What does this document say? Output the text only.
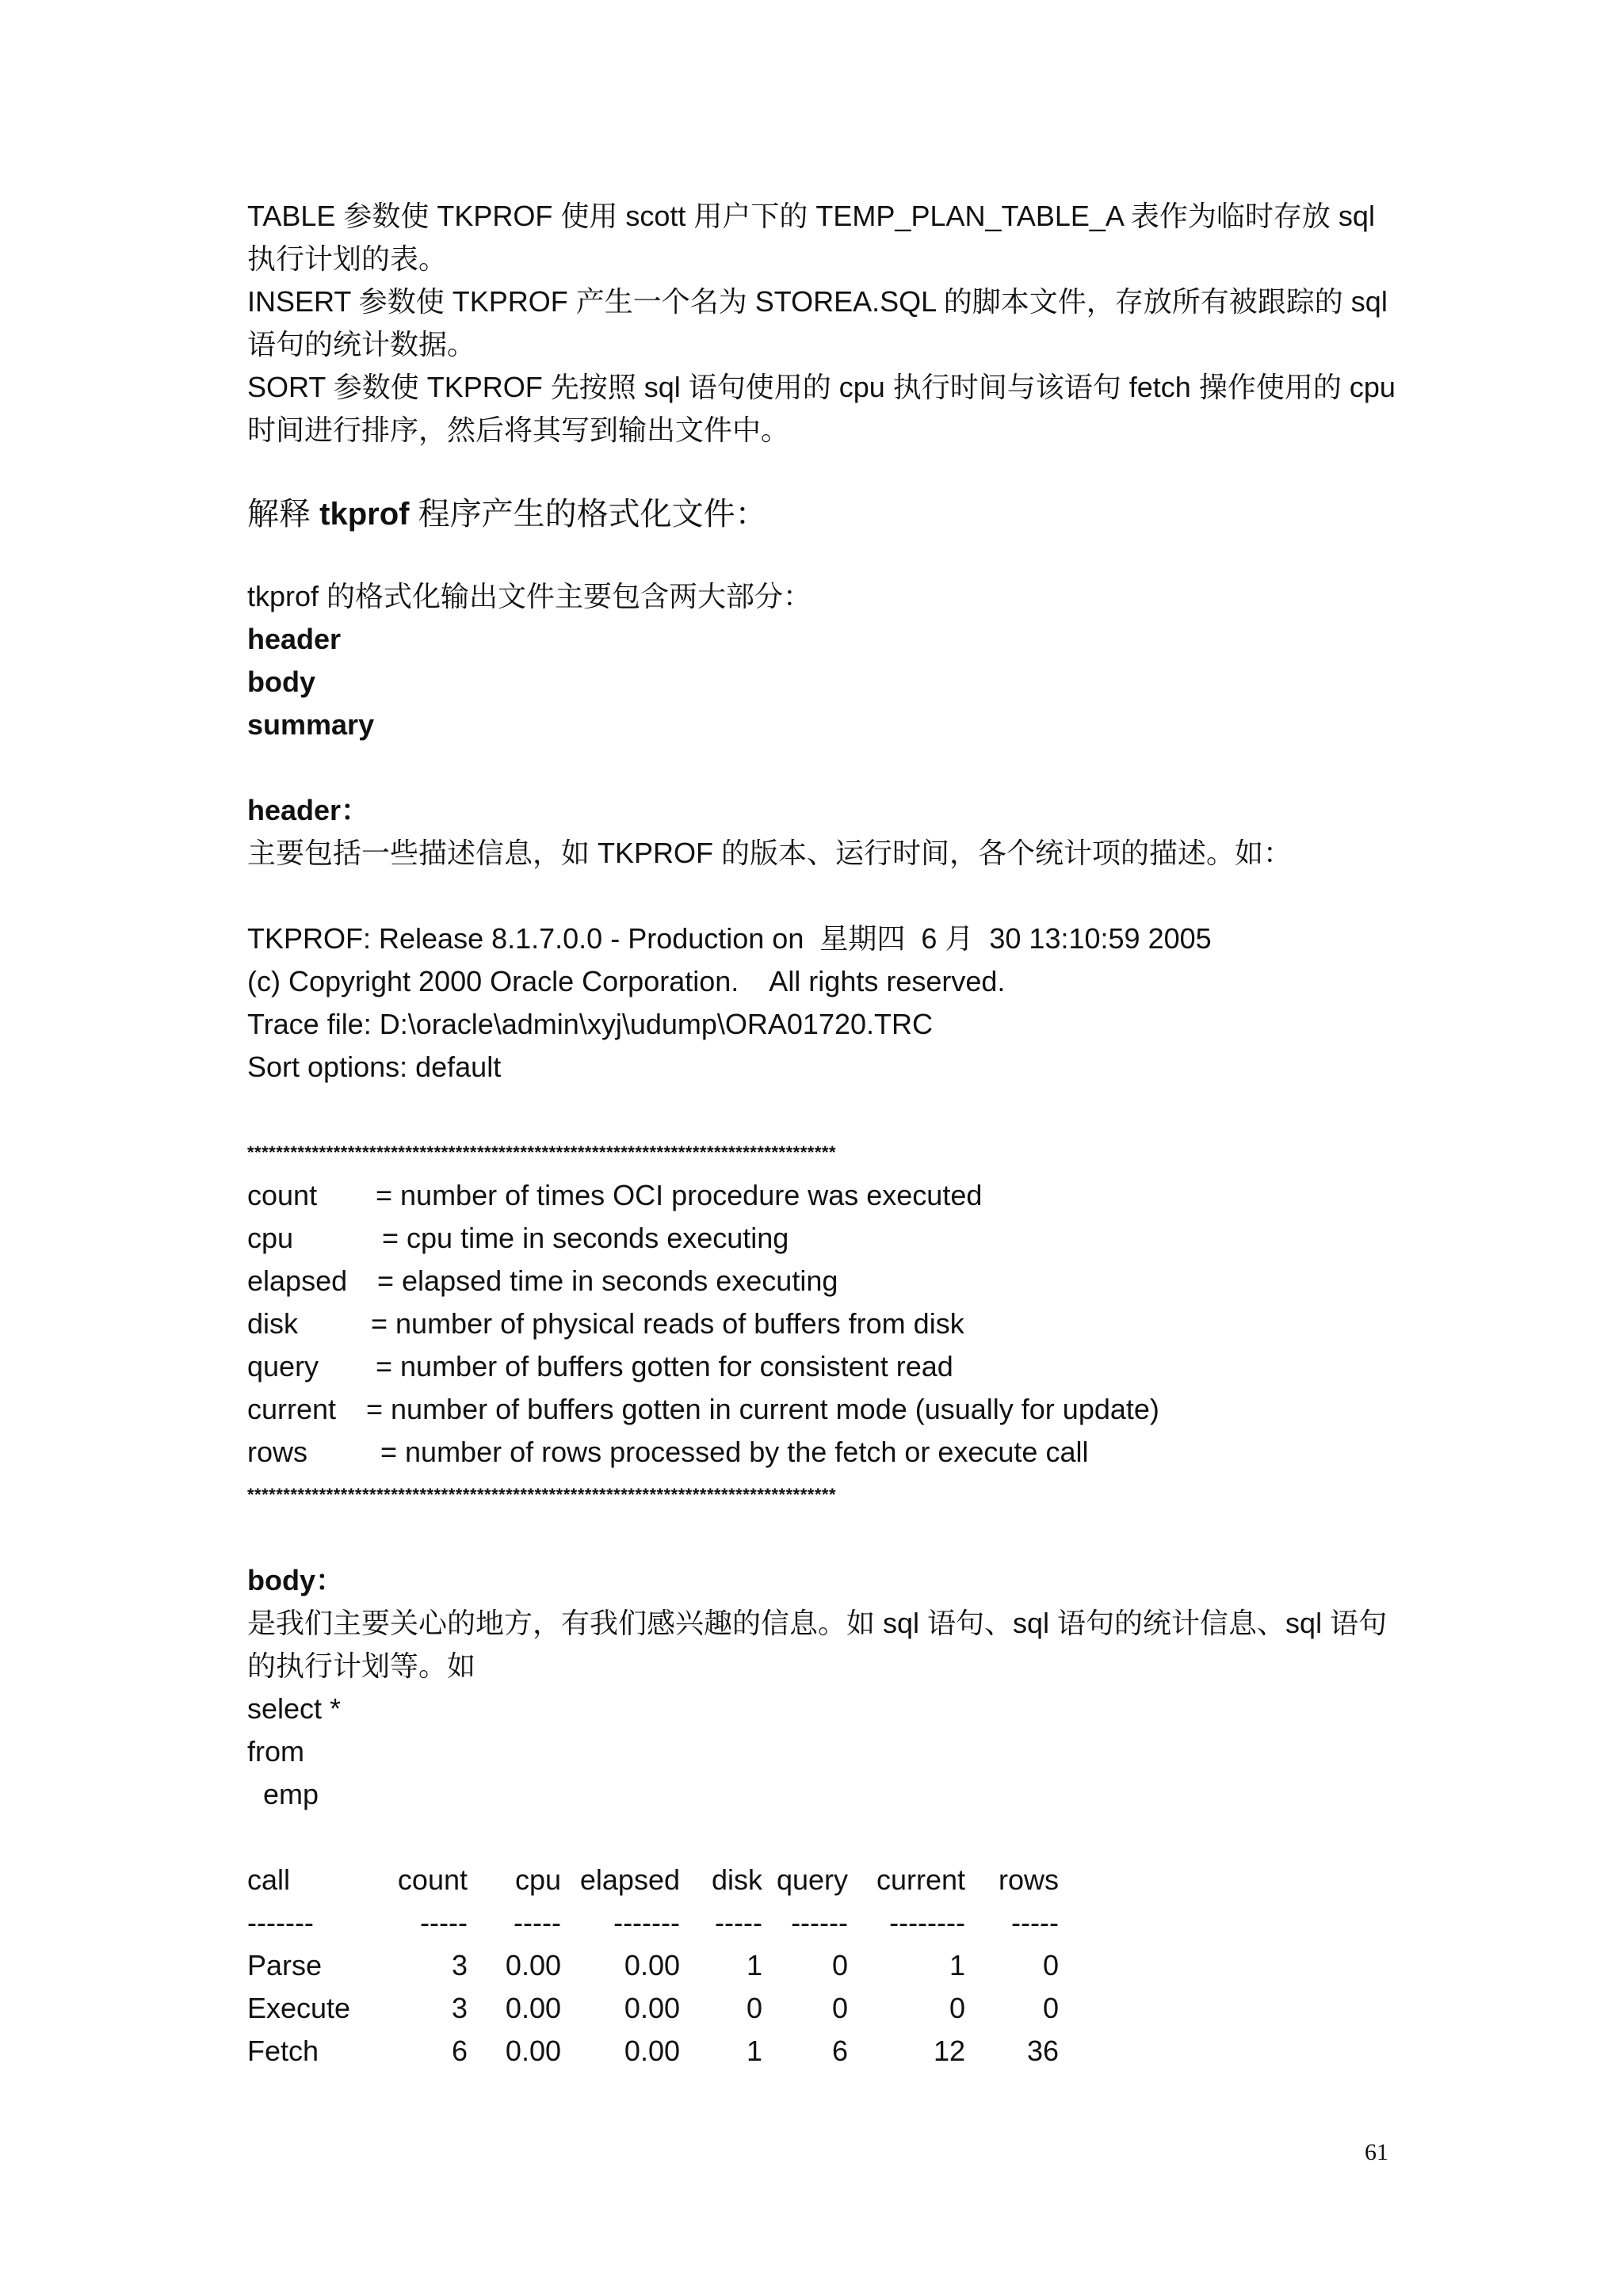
TABLE 参数使 TKPROF 使用 scott 用户下的 TEMP_PLAN_TABLE_A 表作为临时存放 sql
执行计划的表。

INSERT 参数使 TKPROF 产生一个名为 STOREA.SQL 的脚本文件，存放所有被跟踪的 sql
语句的统计数据。

SORT 参数使 TKPROF 先按照 sql 语句使用的 cpu 执行时间与该语句 fetch 操作使用的 cpu
时间进行排序，然后将其写到输出文件中。

解释 tkprof 程序产生的格式化文件：
tkprof 的格式化输出文件主要包含两大部分：
header
body
summary
header：
主要包括一些描述信息，如 TKPROF 的版本、运行时间，各个统计项的描述。如：
TKPROF: Release 8.1.7.0.0 - Production on  星期四  6 月  30 13:10:59 2005
(c) Copyright 2000 Oracle Corporation.    All rights reserved.
Trace file: D:\oracle\admin\xyj\udump\ORA01720.TRC
Sort options: default
**********************************************************************************
count	= number of times OCI procedure was executed
cpu	= cpu time in seconds executing
elapsed	= elapsed time in seconds executing
disk	= number of physical reads of buffers from disk
query	= number of buffers gotten for consistent read
current	= number of buffers gotten in current mode (usually for update)
rows	= number of rows processed by the fetch or execute call
**********************************************************************************
body：
是我们主要关心的地方，有我们感兴趣的信息。如 sql 语句、sql 语句的统计信息、sql 语句
的执行计划等。如
select *
from
emp
call	count	cpu	elapsed	disk	query	current	rows
-------	-----	-----	-------	-----	------	--------	-----
Parse	3	0.00	0.00	1	0	1	0
Execute	3	0.00	0.00	0	0	0	0
Fetch	6	0.00	0.00	1	6	12	36
61
